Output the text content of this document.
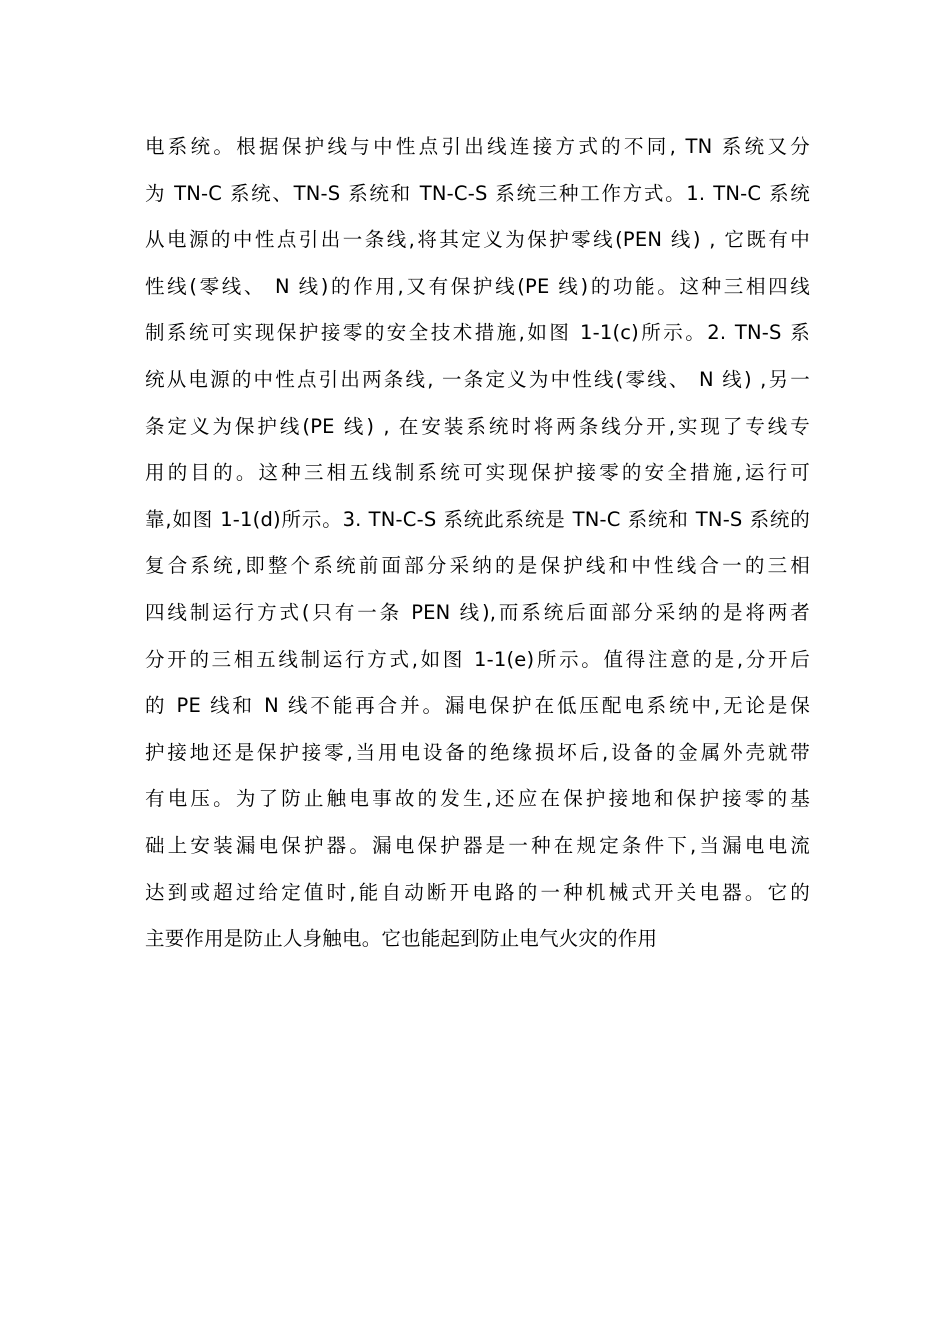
电系统。根据保护线与中性点引出线连接方式的不同, TN 系统又分
为 TN-C 系统、TN-S 系统和 TN-C-S 系统三种工作方式。1. TN-C 系统
从电源的中性点引出一条线,将其定义为保护零线(PEN 线) , 它既有中
性线(零线、 N 线)的作用,又有保护线(PE 线)的功能。这种三相四线
制系统可实现保护接零的安全技术措施,如图 1-1(c)所示。2. TN-S 系
统从电源的中性点引出两条线, 一条定义为中性线(零线、 N 线) ,另一
条定义为保护线(PE 线) , 在安装系统时将两条线分开,实现了专线专
用的目的。这种三相五线制系统可实现保护接零的安全措施,运行可
靠,如图 1-1(d)所示。3. TN-C-S 系统此系统是 TN-C 系统和 TN-S 系统的
复合系统,即整个系统前面部分采纳的是保护线和中性线合一的三相
四线制运行方式(只有一条 PEN 线),而系统后面部分采纳的是将两者
分开的三相五线制运行方式,如图 1-1(e)所示。值得注意的是,分开后
的 PE 线和 N 线不能再合并。漏电保护在低压配电系统中,无论是保
护接地还是保护接零,当用电设备的绝缘损坏后,设备的金属外壳就带
有电压。为了防止触电事故的发生,还应在保护接地和保护接零的基
础上安装漏电保护器。漏电保护器是一种在规定条件下,当漏电电流
达到或超过给定值时,能自动断开电路的一种机械式开关电器。它的
主要作用是防止人身触电。它也能起到防止电气火灾的作用
